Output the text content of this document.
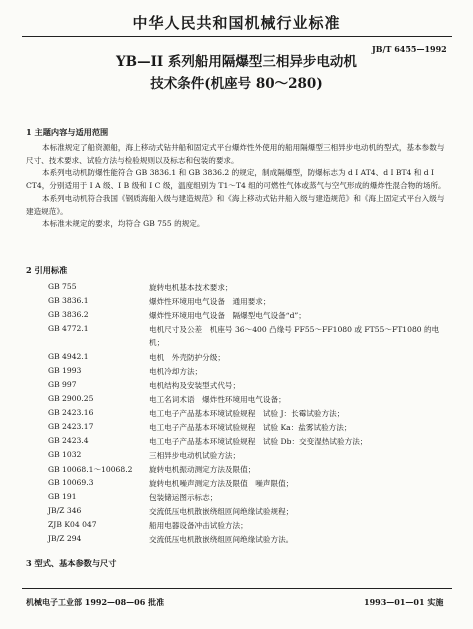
中华人民共和国机械行业标准
JB/T 6455—1992
YB—II 系列船用隔爆型三相异步电动机
技术条件(机座号 80～280)
1 主题内容与适用范围

本标准规定了船资源船，海上移动式钻井船和固定式平台爆炸性外使用的船用隔爆型三相异步电动机的型式，基本参数与尺寸、技术要求、试验方法与检验规则以及标志和包装的要求。

本系列电动机防爆性能符合 GB 3836.1 和 GB 3836.2 的规定，制成隔爆型，防爆标志为 d I AT4、d I BT4 和 d I CT4，分别适用于 I A 级、I B 级和 I C 级，温度组别为 T1～T4 组的可燃性气体或蒸气与空气形成的爆炸性混合物的场所。

本系列电动机符合我国《钢质海船入级与建造规范》和《海上移动式钻井船入级与建造规范》和《海上固定式平台入级与建造规范》。

本标准未规定的要求，均符合 GB 755 的规定。

2 引用标准
GB 755	旋转电机基本技术要求；
GB 3836.1	爆炸性环境用电气设备　通用要求；
GB 3836.2	爆炸性环境用电气设备　隔爆型电气设备“d”；
GB 4772.1	电机尺寸及公差　机座号 36～400 凸缘号 FF55～FF1080 或 FT55～FT1080 的电机；
GB 4942.1	电机　外壳防护分级；
GB 1993	电机冷却方法；
GB 997	电机结构及安装型式代号；
GB 2900.25	电工名词术语　爆炸性环境用电气设备；
GB 2423.16	电工电子产品基本环境试验规程　试验 J：长霉试验方法；
GB 2423.17	电工电子产品基本环境试验规程　试验 Ka：盐雾试验方法；
GB 2423.4	电工电子产品基本环境试验规程　试验 Db：交变湿热试验方法；
GB 1032	三相异步电动机试验方法；
GB 10068.1～10068.2 旋转电机振动测定方法及限值；
GB 10069.3	旋转电机噪声测定方法及限值　噪声限值；
GB 191	包装储运图示标志；
JB/Z 346	交流低压电机散嵌绕组匝间绝缘试验规程；
ZJB K04 047	船用电器设备冲击试验方法；
JB/Z 294	交流低压电机散嵌绕组匝间绝缘试验方法。
3 型式、基本参数与尺寸
机械电子工业部 1992—08—06 批准	1993—01—01 实施
